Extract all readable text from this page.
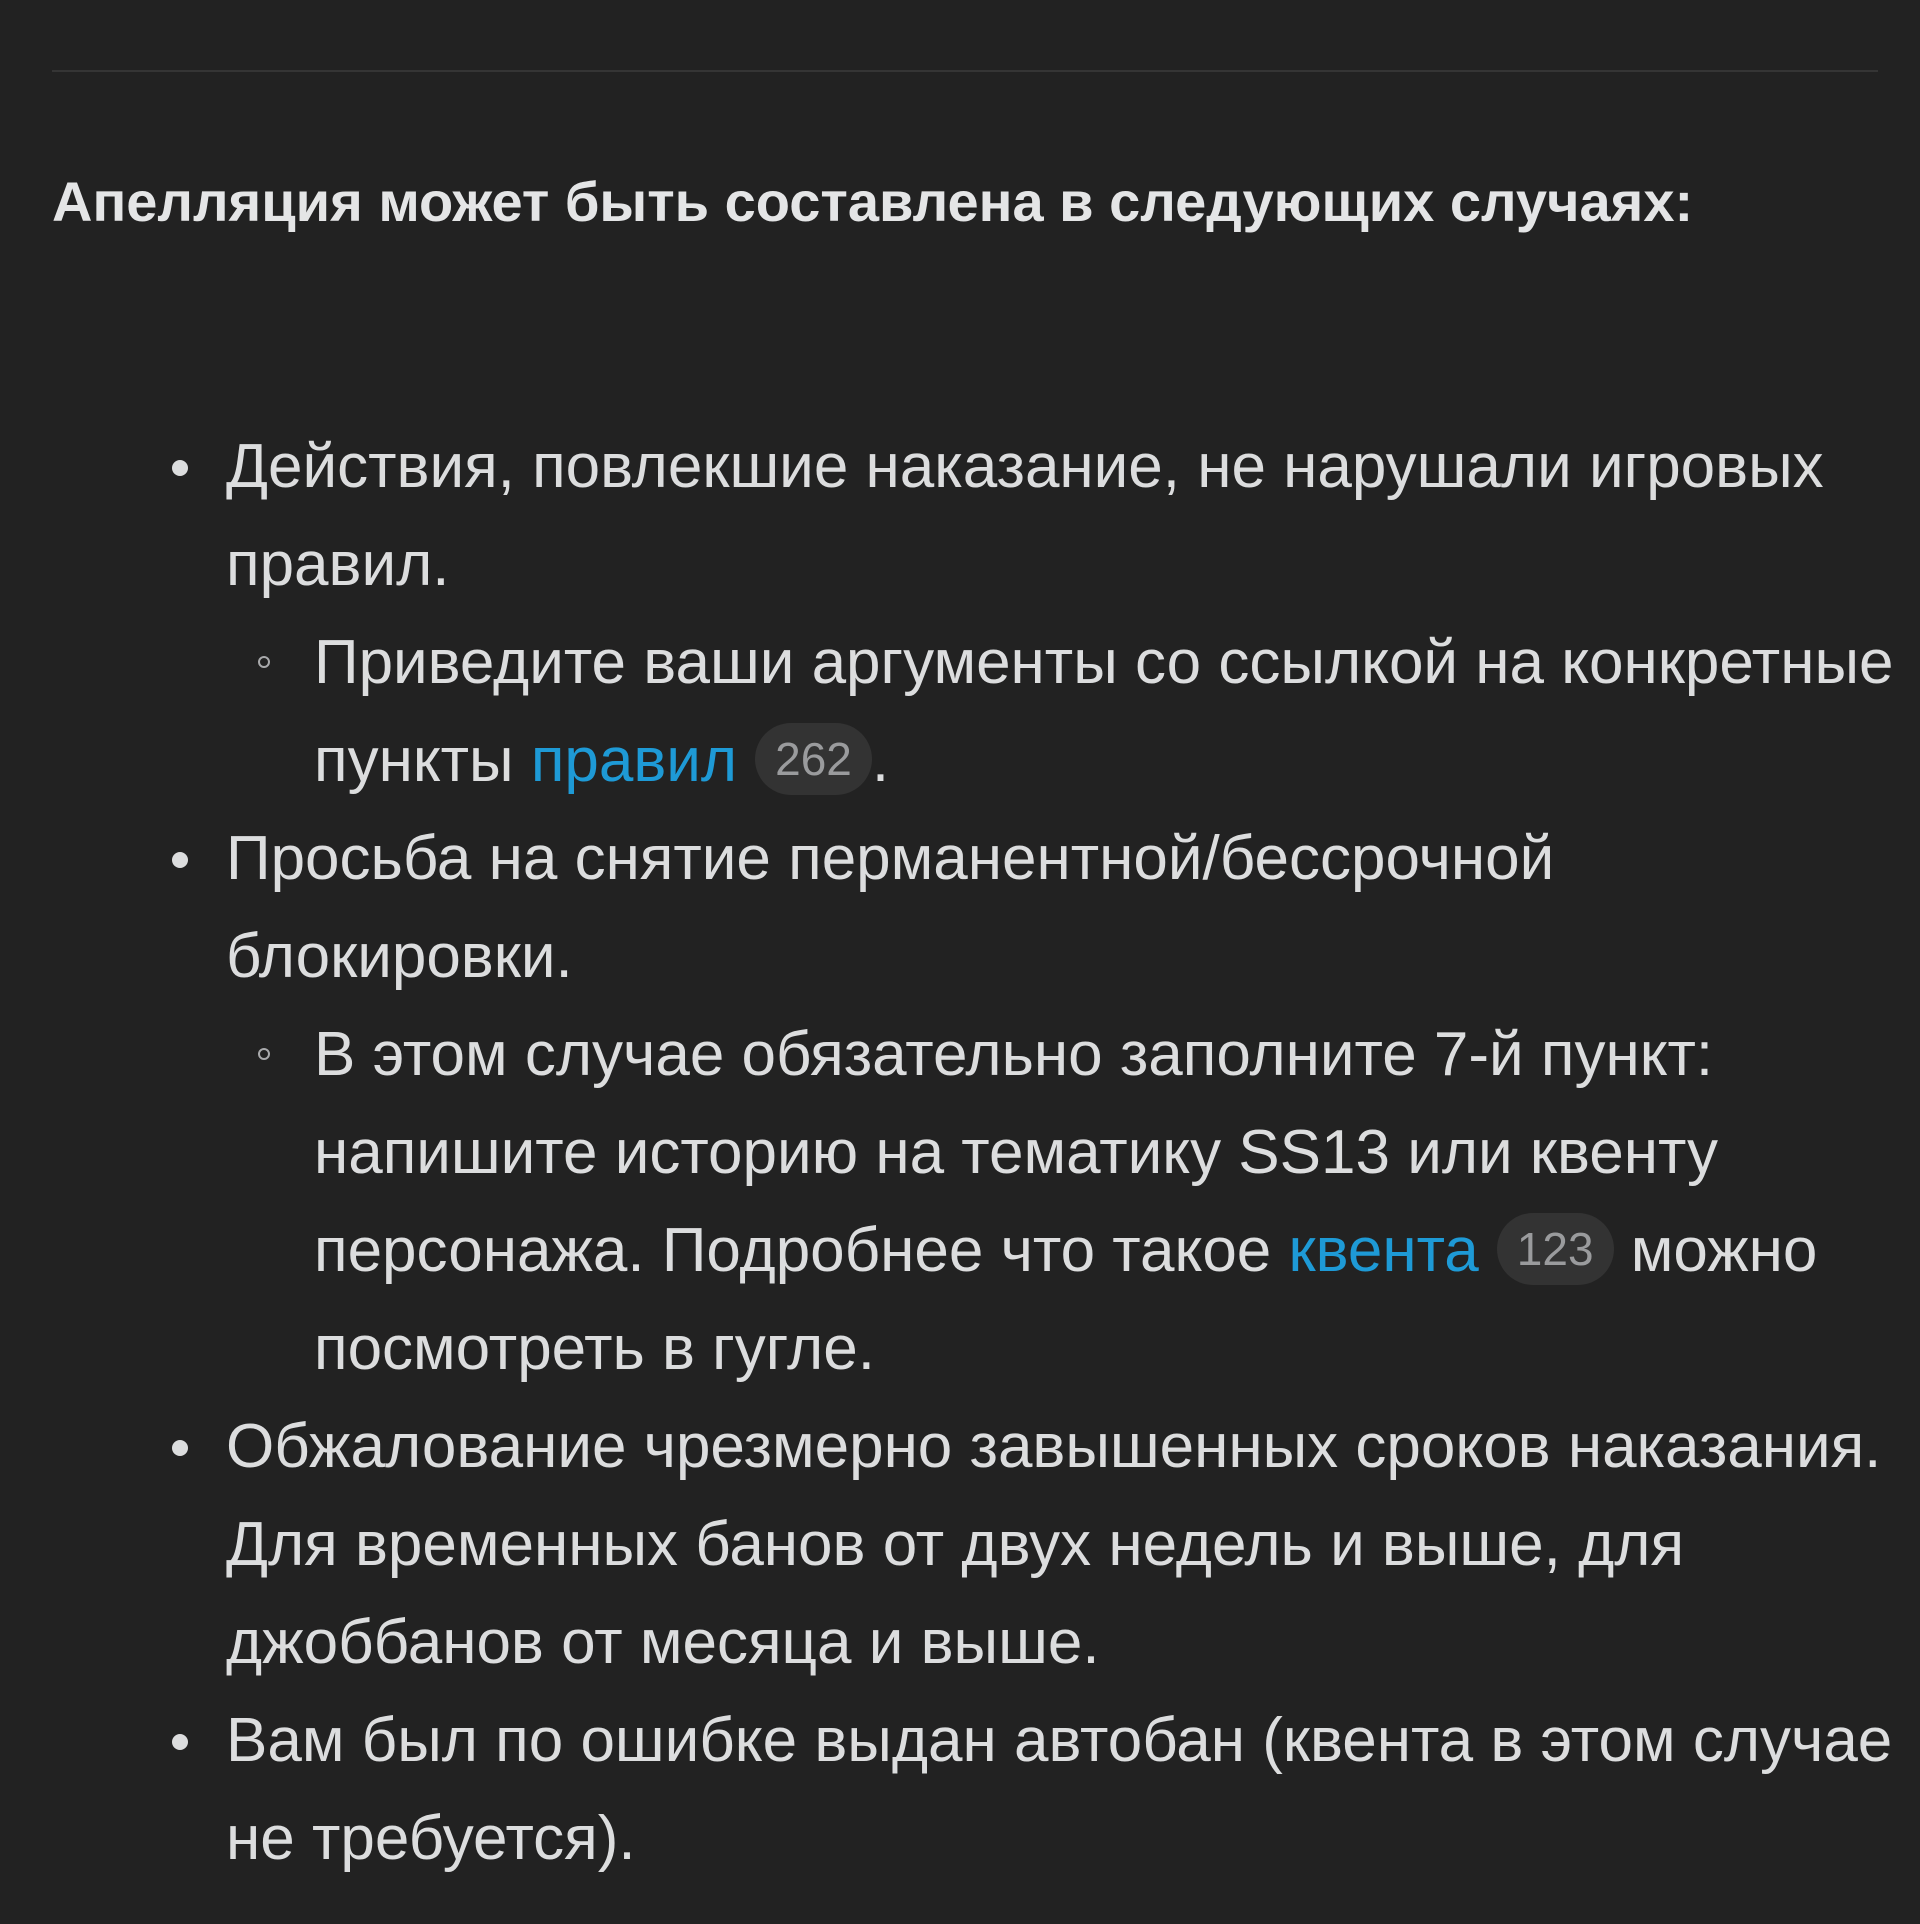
Апелляция может быть составлена в следующих случаях:
Действия, повлекшие наказание, не нарушали игровых правил.
Приведите ваши аргументы со ссылкой на конкретные пункты правил 262 .
Просьба на снятие перманентной/бессрочной блокировки.
В этом случае обязательно заполните 7-й пункт: напишите историю на тематику SS13 или квенту персонажа. Подробнее что такое квента 123 можно посмотреть в гугле.
Обжалование чрезмерно завышенных сроков наказания. Для временных банов от двух недель и выше, для джоббанов от месяца и выше.
Вам был по ошибке выдан автобан (квента в этом случае не требуется).
